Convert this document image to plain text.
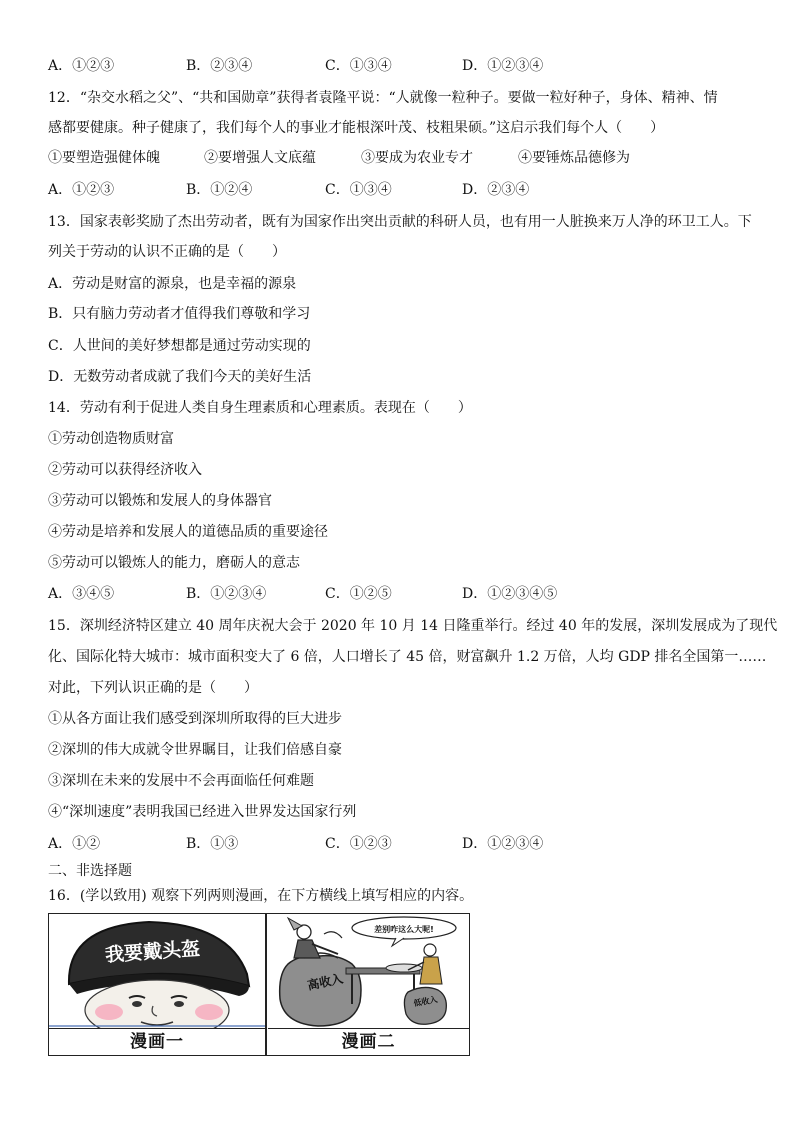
A．①②③	B．②③④	C．①③④	D．①②③④
12．“杂交水稻之父”、“共和国勋章”获得者袁隆平说：“人就像一粒种子。要做一粒好种子，身体、精神、情
感都要健康。种子健康了，我们每个人的事业才能根深叶茂、枝粗果硕。”这启示我们每个人（　　）
①要塑造强健体魄	②要增强人文底蕴	③要成为农业专才	④要锤炼品德修为
A．①②③	B．①②④	C．①③④	D．②③④
13．国家表彰奖励了杰出劳动者，既有为国家作出突出贡献的科研人员，也有用一人脏换来万人净的环卫工人。下
列关于劳动的认识不正确的是（　　）
A．劳动是财富的源泉，也是幸福的源泉
B．只有脑力劳动者才值得我们尊敬和学习
C．人世间的美好梦想都是通过劳动实现的
D．无数劳动者成就了我们今天的美好生活
14．劳动有利于促进人类自身生理素质和心理素质。表现在（　　）
①劳动创造物质财富
②劳动可以获得经济收入
③劳动可以锻炼和发展人的身体器官
④劳动是培养和发展人的道德品质的重要途径
⑤劳动可以锻炼人的能力，磨砺人的意志
A．③④⑤	B．①②③④	C．①②⑤	D．①②③④⑤
15．深圳经济特区建立 40 周年庆祝大会于 2020 年 10 月 14 日隆重举行。经过 40 年的发展，深圳发展成为了现代
化、国际化特大城市：城市面积变大了 6 倍，人口增长了 45 倍，财富飙升 1.2 万倍，人均 GDP 排名全国第一……
对此，下列认识正确的是（　　）
①从各方面让我们感受到深圳所取得的巨大进步
②深圳的伟大成就令世界瞩目，让我们倍感自豪
③深圳在未来的发展中不会再面临任何难题
④“深圳速度”表明我国已经进入世界发达国家行列
A．①②	B．①③	C．①②③	D．①②③④
二、非选择题
16．(学以致用) 观察下列两则漫画，在下方横线上填写相应的内容。
我要戴头盔
漫画一
高收入
差别咋这么大呢!
低收入
漫画二
